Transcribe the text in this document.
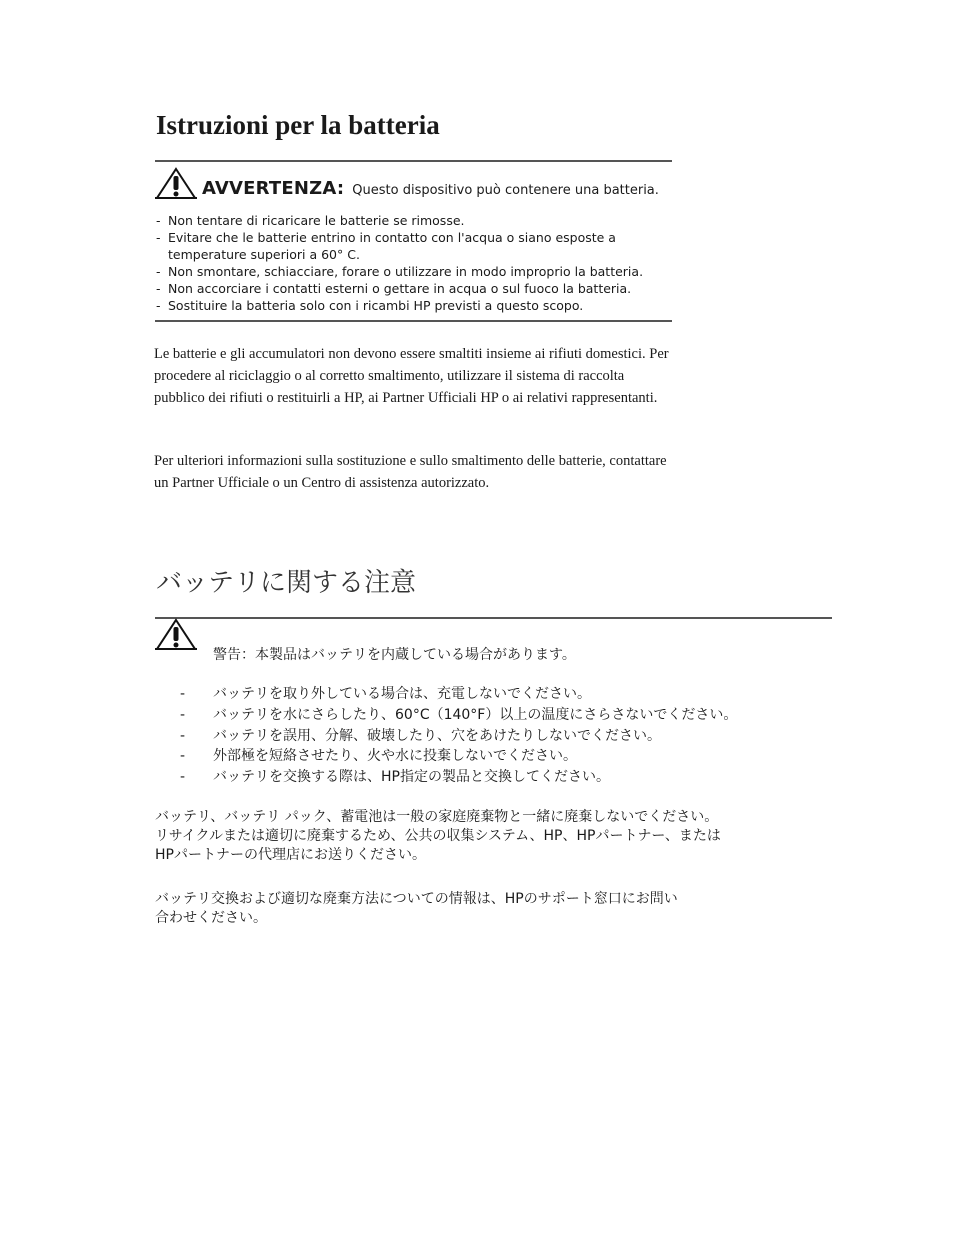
Istruzioni per la batteria
AVVERTENZA: Questo dispositivo può contenere una batteria.
- Non tentare di ricaricare le batterie se rimosse.
- Evitare che le batterie entrino in contatto con l'acqua o siano esposte a temperature superiori a 60° C.
- Non smontare, schiacciare, forare o utilizzare in modo improprio la batteria.
- Non accorciare i contatti esterni o gettare in acqua o sul fuoco la batteria.
- Sostituire la batteria solo con i ricambi HP previsti a questo scopo.

Le batterie e gli accumulatori non devono essere smaltiti insieme ai rifiuti domestici. Per procedere al riciclaggio o al corretto smaltimento, utilizzare il sistema di raccolta pubblico dei rifiuti o restituirli a HP, ai Partner Ufficiali HP o ai relativi rappresentanti.

Per ulteriori informazioni sulla sostituzione e sullo smaltimento delle batterie, contattare un Partner Ufficiale o un Centro di assistenza autorizzato.

バッテリに関する注意
警告：本製品はバッテリを内蔵している場合があります。
- バッテリを取り外している場合は、充電しないでください。
- バッテリを水にさらしたり、60°C（140°F）以上の温度にさらさないでください。
- バッテリを誤用、分解、破壊したり、穴をあけたりしないでください。
- 外部極を短絡させたり、火や水に投棄しないでください。
- バッテリを交換する際は、HP指定の製品と交換してください。
バッテリ、バッテリ パック、蓄電池は一般の家庭廃棄物と一緒に廃棄しないでください。
リサイクルまたは適切に廃棄するため、公共の収集システム、HP、HPパートナー、または
HPパートナーの代理店にお送りください。
バッテリ交換および適切な廃棄方法についての情報は、HPのサポート窓口にお問い
合わせください。
